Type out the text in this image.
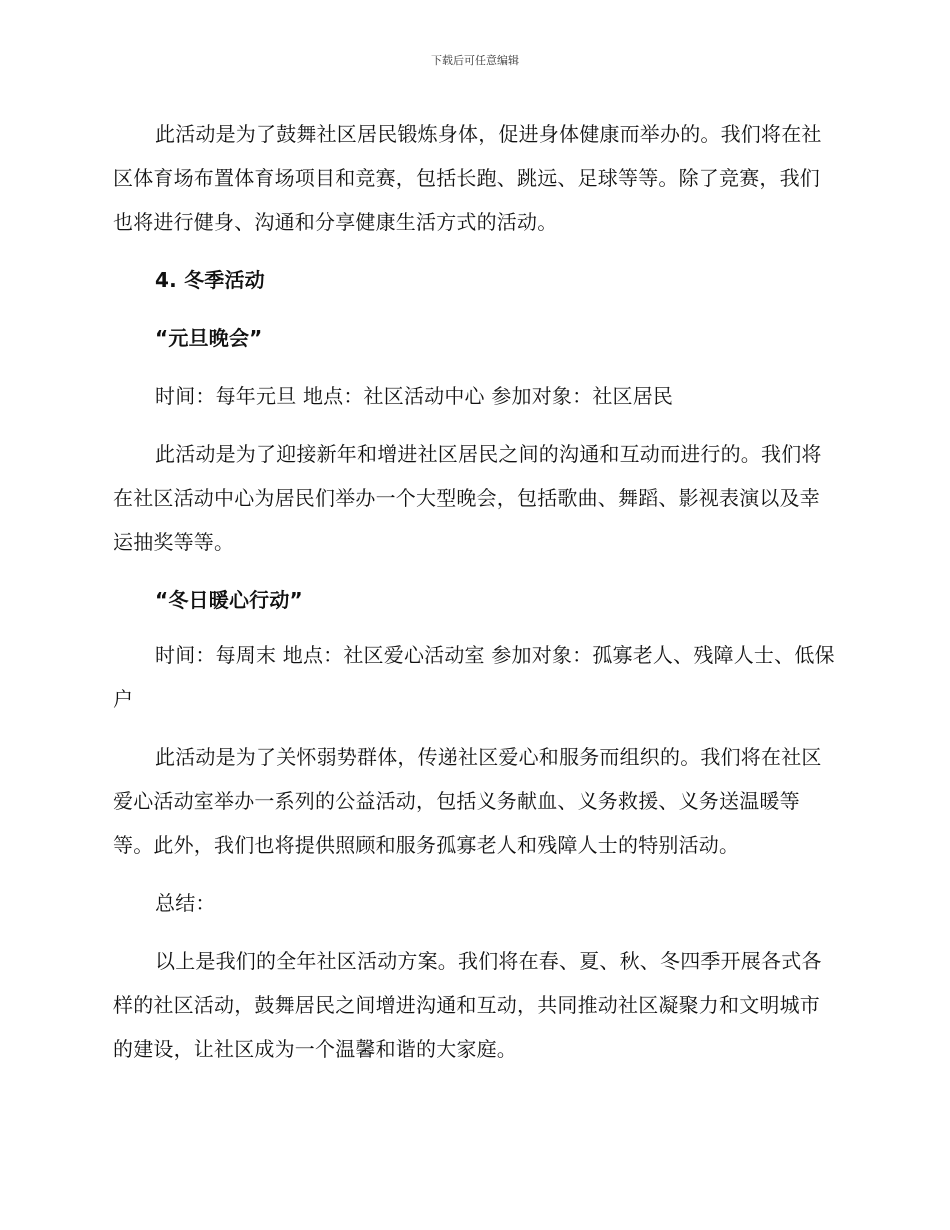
下载后可任意编辑

此活动是为了鼓舞社区居民锻炼身体，促进身体健康而举办的。我们将在社区体育场布置体育场项目和竞赛，包括长跑、跳远、足球等等。除了竞赛，我们也将进行健身、沟通和分享健康生活方式的活动。

4. 冬季活动

“元旦晚会”

时间：每年元旦 地点：社区活动中心 参加对象：社区居民

此活动是为了迎接新年和增进社区居民之间的沟通和互动而进行的。我们将在社区活动中心为居民们举办一个大型晚会，包括歌曲、舞蹈、影视表演以及幸运抽奖等等。

“冬日暖心行动”

时间：每周末 地点：社区爱心活动室 参加对象：孤寡老人、残障人士、低保户

此活动是为了关怀弱势群体，传递社区爱心和服务而组织的。我们将在社区爱心活动室举办一系列的公益活动，包括义务献血、义务救援、义务送温暖等等。此外，我们也将提供照顾和服务孤寡老人和残障人士的特别活动。

总结：

以上是我们的全年社区活动方案。我们将在春、夏、秋、冬四季开展各式各样的社区活动，鼓舞居民之间增进沟通和互动，共同推动社区凝聚力和文明城市的建设，让社区成为一个温馨和谐的大家庭。
